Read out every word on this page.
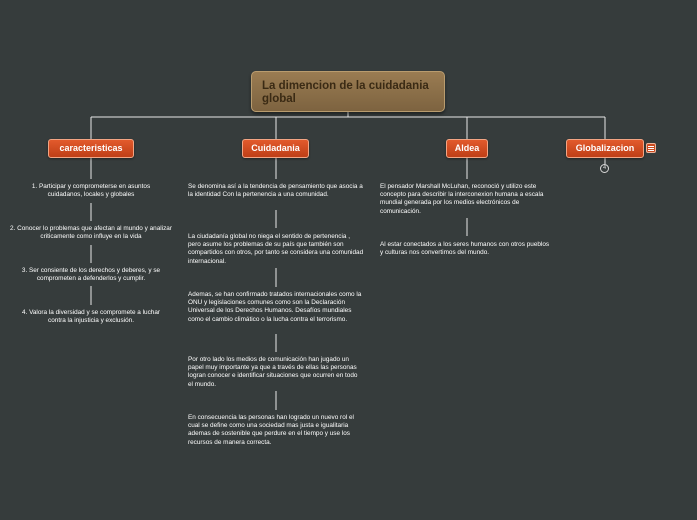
La dimencion de la cuidadania global
caracteristicas	Cuidadania	Aldea	Globalizacion
4
1. Participar y comprometerse en asuntos cuidadanos, locales y globales
2. Conocer lo problemas que afectan al mundo y analizar criticamente como influye en la vida
3. Ser consiente de los derechos y deberes, y se comprometen a defenderlos y cumplir.
4. Valora la diversidad y se compromete a luchar contra la injusticia y exclusión.
Se denomina así a la tendencia de pensamiento que asocia a la identidad Con la pertenencia a una comunidad.
La ciudadanía global no niega el sentido de pertenencia , pero asume los problemas de su país que también son compartidos con otros, por tanto se considera una comunidad internacional.
Ademas, se han confirmado tratados internacionales como la ONU y legislaciones comunes como son la Declaración Universal de los Derechos Humanos. Desafíos mundiales como el cambio climático o la lucha contra el terrorismo.
Por otro lado los medios de comunicación han jugado un papel muy importante ya que a través de ellas las personas logran conocer e identificar situaciones que ocurren en todo el mundo.
En consecuencia las personas han logrado un nuevo rol el cual se define como una sociedad mas justa e igualitaria ademas de sostenible que perdure en el tiempo y use los recursos de manera correcta.
El pensador Marshall McLuhan, reconoció y utilizo este concepto para describir la interconexion humana a escala mundial generada por los medios electrónicos de comunicación.
Al estar conectados a los seres humanos con otros pueblos y culturas nos convertimos del mundo.
